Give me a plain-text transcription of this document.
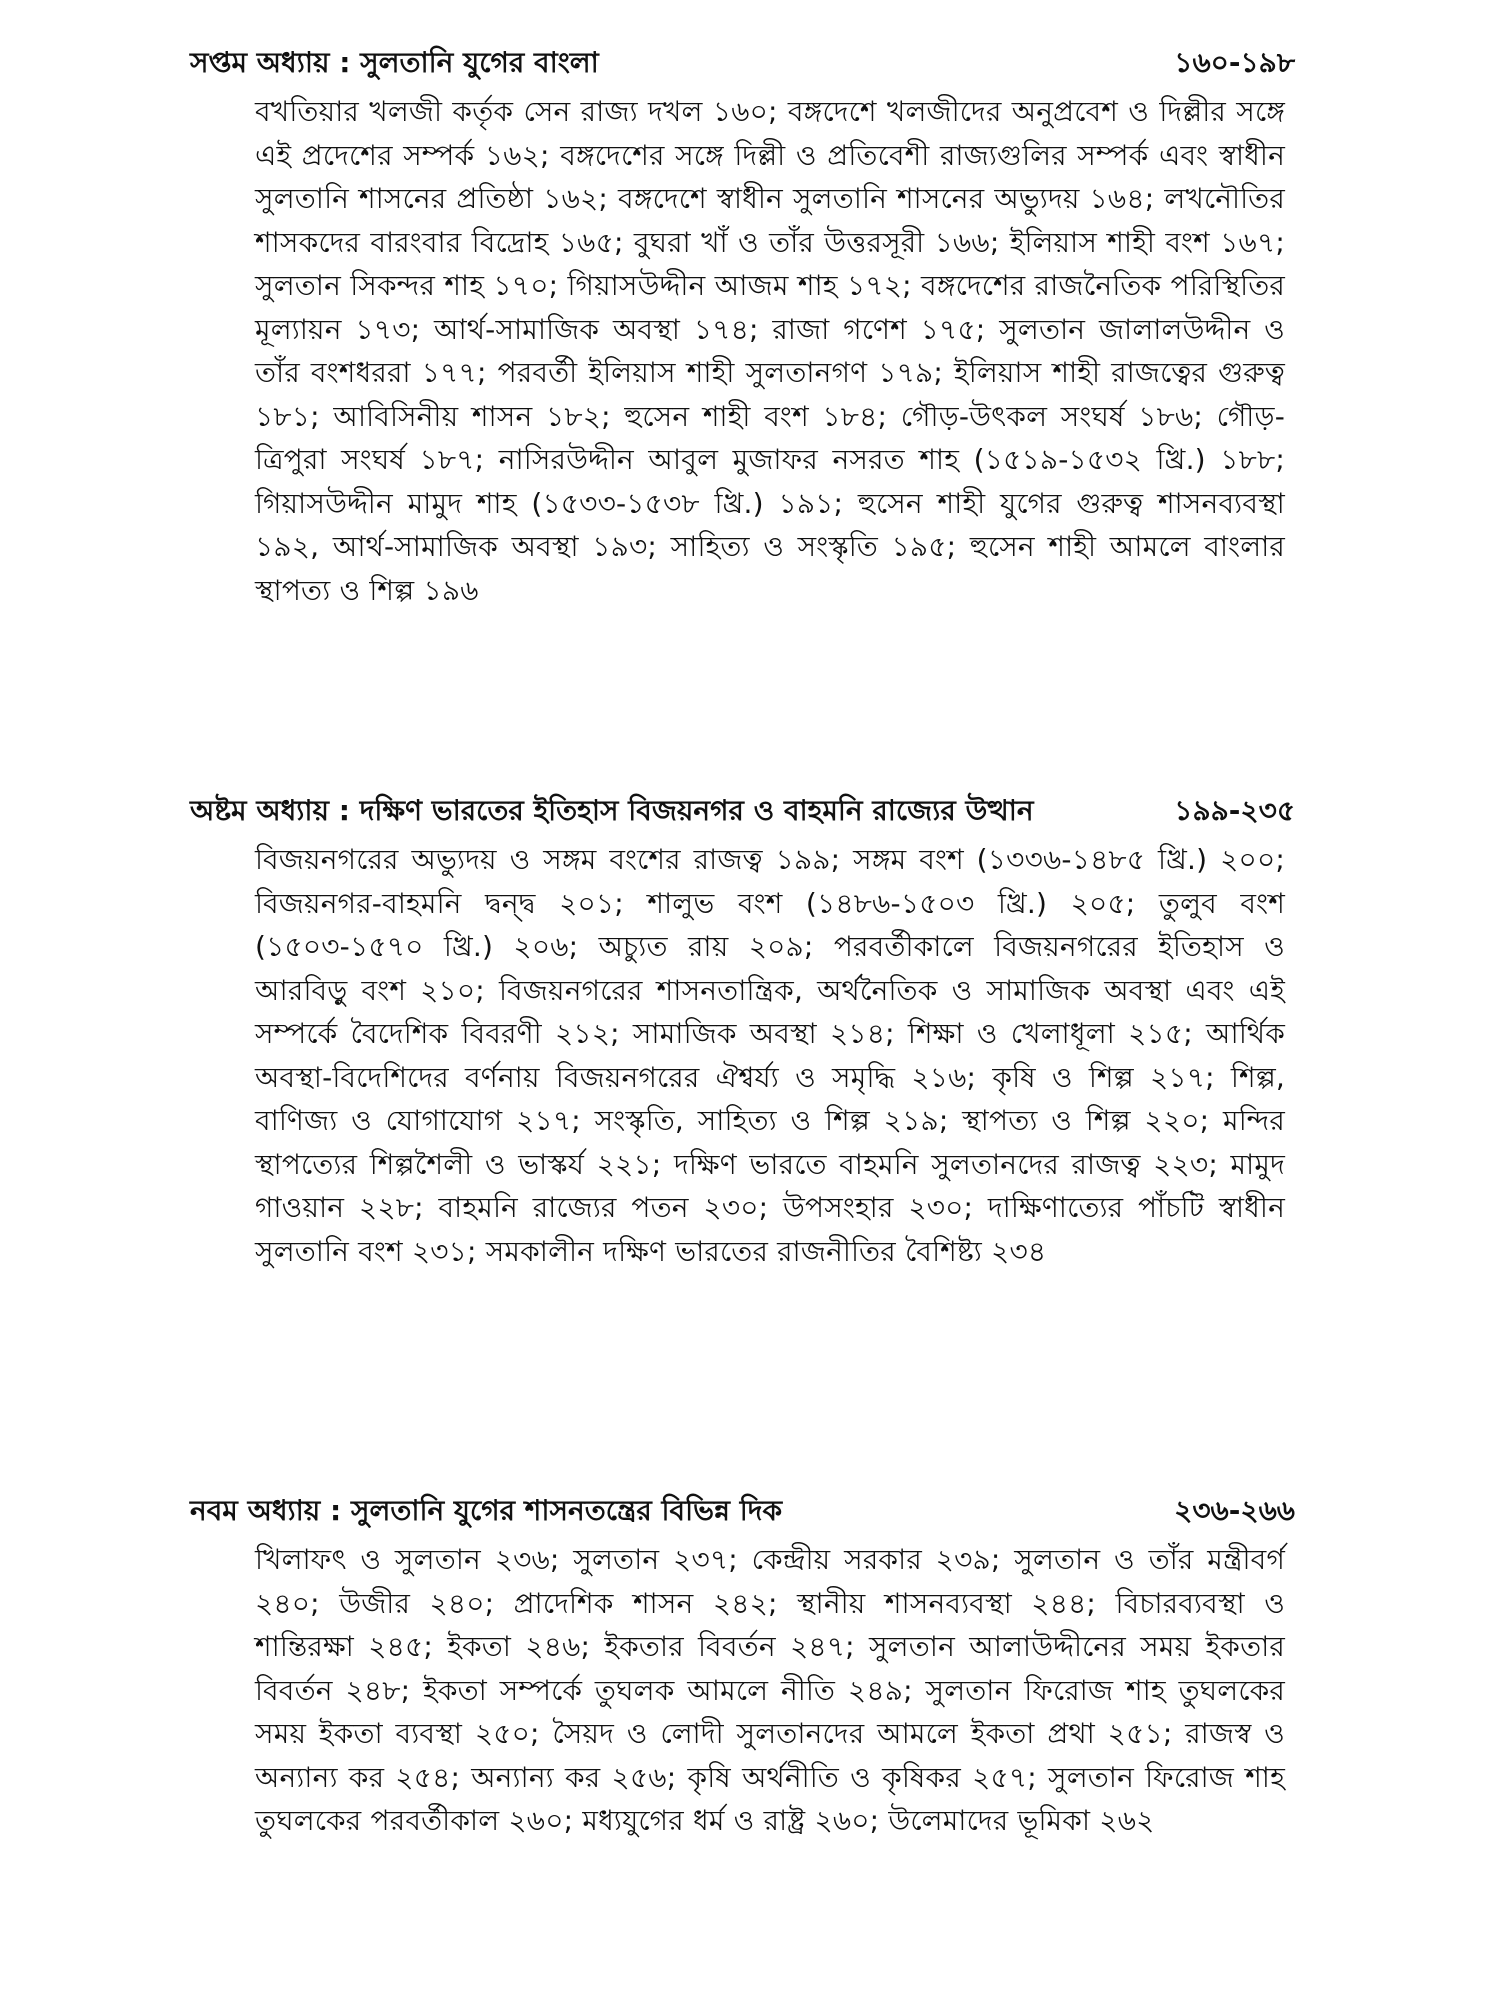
সপ্তম অধ্যায় : সুলতানি যুগের বাংলা	১৬০-১৯৮

বখতিয়ার খলজী কর্তৃক সেন রাজ্য দখল ১৬০; বঙ্গদেশে খলজীদের অনুপ্রবেশ ও দিল্লীর সঙ্গে এই প্রদেশের সম্পর্ক ১৬২; বঙ্গদেশের সঙ্গে দিল্লী ও প্রতিবেশী রাজ্যগুলির সম্পর্ক এবং স্বাধীন সুলতানি শাসনের প্রতিষ্ঠা ১৬২; বঙ্গদেশে স্বাধীন সুলতানি শাসনের অভ্যুদয় ১৬৪; লখনৌতির শাসকদের বারংবার বিদ্রোহ ১৬৫; বুঘরা খাঁ ও তাঁর উত্তরসূরী ১৬৬; ইলিয়াস শাহী বংশ ১৬৭; সুলতান সিকন্দর শাহ ১৭০; গিয়াসউদ্দীন আজম শাহ ১৭২; বঙ্গদেশের রাজনৈতিক পরিস্থিতির মূল্যায়ন ১৭৩; আর্থ-সামাজিক অবস্থা ১৭৪; রাজা গণেশ ১৭৫; সুলতান জালালউদ্দীন ও তাঁর বংশধররা ১৭৭; পরবর্তী ইলিয়াস শাহী সুলতানগণ ১৭৯; ইলিয়াস শাহী রাজত্বের গুরুত্ব ১৮১; আবিসিনীয় শাসন ১৮২; হুসেন শাহী বংশ ১৮৪; গৌড়-উৎকল সংঘর্ষ ১৮৬; গৌড়-ত্রিপুরা সংঘর্ষ ১৮৭; নাসিরউদ্দীন আবুল মুজাফর নসরত শাহ (১৫১৯-১৫৩২ খ্রি.) ১৮৮; গিয়াসউদ্দীন মামুদ শাহ (১৫৩৩-১৫৩৮ খ্রি.) ১৯১; হুসেন শাহী যুগের গুরুত্ব শাসনব্যবস্থা ১৯২, আর্থ-সামাজিক অবস্থা ১৯৩; সাহিত্য ও সংস্কৃতি ১৯৫; হুসেন শাহী আমলে বাংলার স্থাপত্য ও শিল্প ১৯৬

অষ্টম অধ্যায় : দক্ষিণ ভারতের ইতিহাস বিজয়নগর ও বাহমনি রাজ্যের উত্থান	১৯৯-২৩৫

বিজয়নগরের অভ্যুদয় ও সঙ্গম বংশের রাজত্ব ১৯৯; সঙ্গম বংশ (১৩৩৬-১৪৮৫ খ্রি.) ২০০; বিজয়নগর-বাহমনি দ্বন্দ্ব ২০১; শালুভ বংশ (১৪৮৬-১৫০৩ খ্রি.) ২০৫; তুলুব বংশ (১৫০৩-১৫৭০ খ্রি.) ২০৬; অচ্যুত রায় ২০৯; পরবর্তীকালে বিজয়নগরের ইতিহাস ও আরবিড়ু বংশ ২১০; বিজয়নগরের শাসনতান্ত্রিক, অর্থনৈতিক ও সামাজিক অবস্থা এবং এই সম্পর্কে বৈদেশিক বিবরণী ২১২; সামাজিক অবস্থা ২১৪; শিক্ষা ও খেলাধূলা ২১৫; আর্থিক অবস্থা-বিদেশিদের বর্ণনায় বিজয়নগরের ঐশ্বর্য্য ও সমৃদ্ধি ২১৬; কৃষি ও শিল্প ২১৭; শিল্প, বাণিজ্য ও যোগাযোগ ২১৭; সংস্কৃতি, সাহিত্য ও শিল্প ২১৯; স্থাপত্য ও শিল্প ২২০; মন্দির স্থাপত্যের শিল্পশৈলী ও ভাস্কর্য ২২১; দক্ষিণ ভারতে বাহমনি সুলতানদের রাজত্ব ২২৩; মামুদ গাওয়ান ২২৮; বাহমনি রাজ্যের পতন ২৩০; উপসংহার ২৩০; দাক্ষিণাত্যের পাঁচটি স্বাধীন সুলতানি বংশ ২৩১; সমকালীন দক্ষিণ ভারতের রাজনীতির বৈশিষ্ট্য ২৩৪

নবম অধ্যায় : সুলতানি যুগের শাসনতন্ত্রের বিভিন্ন দিক	২৩৬-২৬৬

খিলাফৎ ও সুলতান ২৩৬; সুলতান ২৩৭; কেন্দ্রীয় সরকার ২৩৯; সুলতান ও তাঁর মন্ত্রীবর্গ ২৪০; উজীর ২৪০; প্রাদেশিক শাসন ২৪২; স্থানীয় শাসনব্যবস্থা ২৪৪; বিচারব্যবস্থা ও শান্তিরক্ষা ২৪৫; ইকতা ২৪৬; ইকতার বিবর্তন ২৪৭; সুলতান আলাউদ্দীনের সময় ইকতার বিবর্তন ২৪৮; ইকতা সম্পর্কে তুঘলক আমলে নীতি ২৪৯; সুলতান ফিরোজ শাহ তুঘলকের সময় ইকতা ব্যবস্থা ২৫০; সৈয়দ ও লোদী সুলতানদের আমলে ইকতা প্রথা ২৫১; রাজস্ব ও অন্যান্য কর ২৫৪; অন্যান্য কর ২৫৬; কৃষি অর্থনীতি ও কৃষিকর ২৫৭; সুলতান ফিরোজ শাহ তুঘলকের পরবর্তীকাল ২৬০; মধ্যযুগের ধর্ম ও রাষ্ট্র ২৬০; উলেমাদের ভূমিকা ২৬২
